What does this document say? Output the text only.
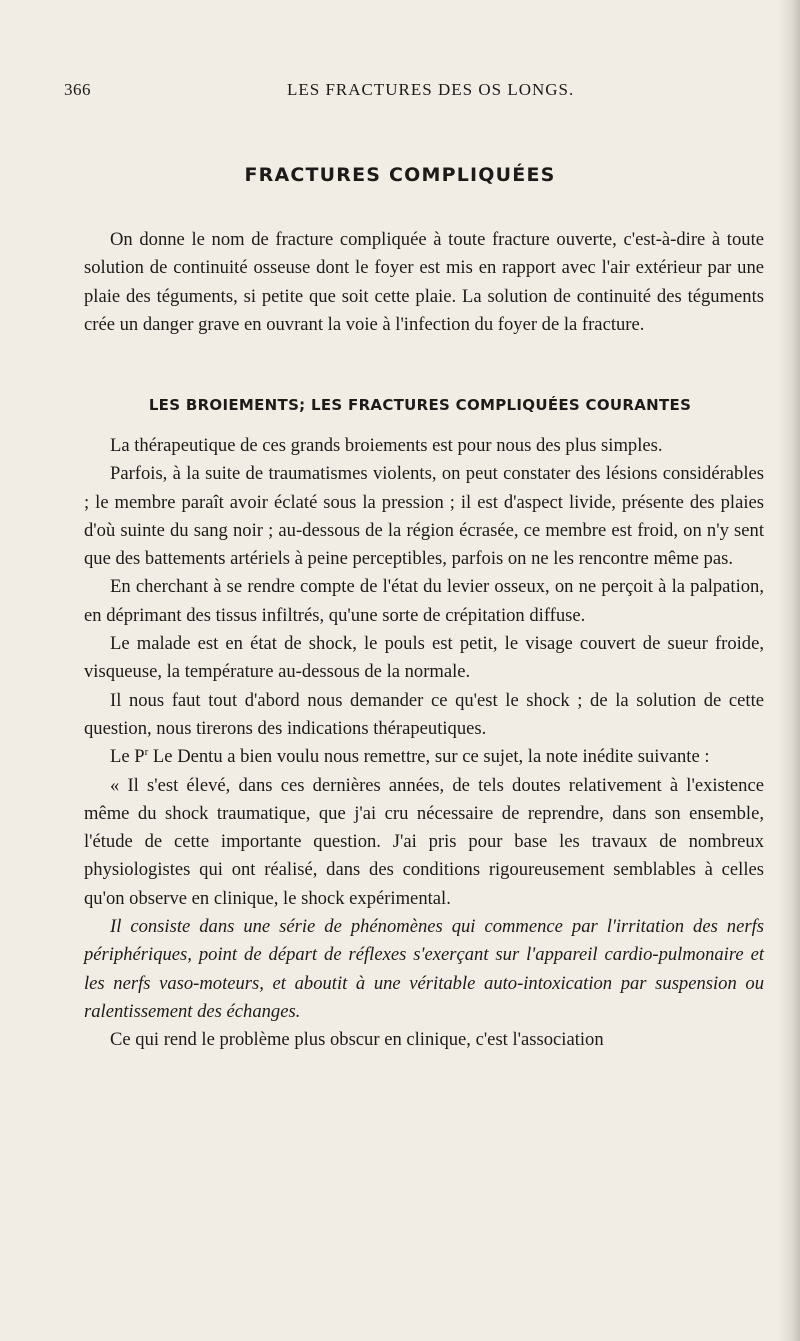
366	LES FRACTURES DES OS LONGS.
FRACTURES COMPLIQUÉES

On donne le nom de fracture compliquée à toute fracture ouverte, c'est-à-dire à toute solution de continuité osseuse dont le foyer est mis en rapport avec l'air extérieur par une plaie des téguments, si petite que soit cette plaie. La solution de continuité des téguments crée un danger grave en ouvrant la voie à l'infection du foyer de la fracture.

LES BROIEMENTS; LES FRACTURES COMPLIQUÉES COURANTES

La thérapeutique de ces grands broiements est pour nous des plus simples.

Parfois, à la suite de traumatismes violents, on peut constater des lésions considérables ; le membre paraît avoir éclaté sous la pression ; il est d'aspect livide, présente des plaies d'où suinte du sang noir ; au-dessous de la région écrasée, ce membre est froid, on n'y sent que des battements artériels à peine perceptibles, parfois on ne les rencontre même pas.

En cherchant à se rendre compte de l'état du levier osseux, on ne perçoit à la palpation, en déprimant des tissus infiltrés, qu'une sorte de crépitation diffuse.

Le malade est en état de shock, le pouls est petit, le visage couvert de sueur froide, visqueuse, la température au-dessous de la normale.

Il nous faut tout d'abord nous demander ce qu'est le shock ; de la solution de cette question, nous tirerons des indications thérapeutiques.

Le $P^r$ Le Dentu a bien voulu nous remettre, sur ce sujet, la note inédite suivante :

« Il s'est élevé, dans ces dernières années, de tels doutes relativement à l'existence même du shock traumatique, que j'ai cru nécessaire de reprendre, dans son ensemble, l'étude de cette importante question. J'ai pris pour base les travaux de nombreux physiologistes qui ont réalisé, dans des conditions rigoureusement semblables à celles qu'on observe en clinique, le shock expérimental.

Il consiste dans une série de phénomènes qui commence par l'irritation des nerfs périphériques, point de départ de réflexes s'exerçant sur l'appareil cardio-pulmonaire et les nerfs vaso-moteurs, et aboutit à une véritable auto-intoxication par suspension ou ralentissement des échanges.

Ce qui rend le problème plus obscur en clinique, c'est l'association
